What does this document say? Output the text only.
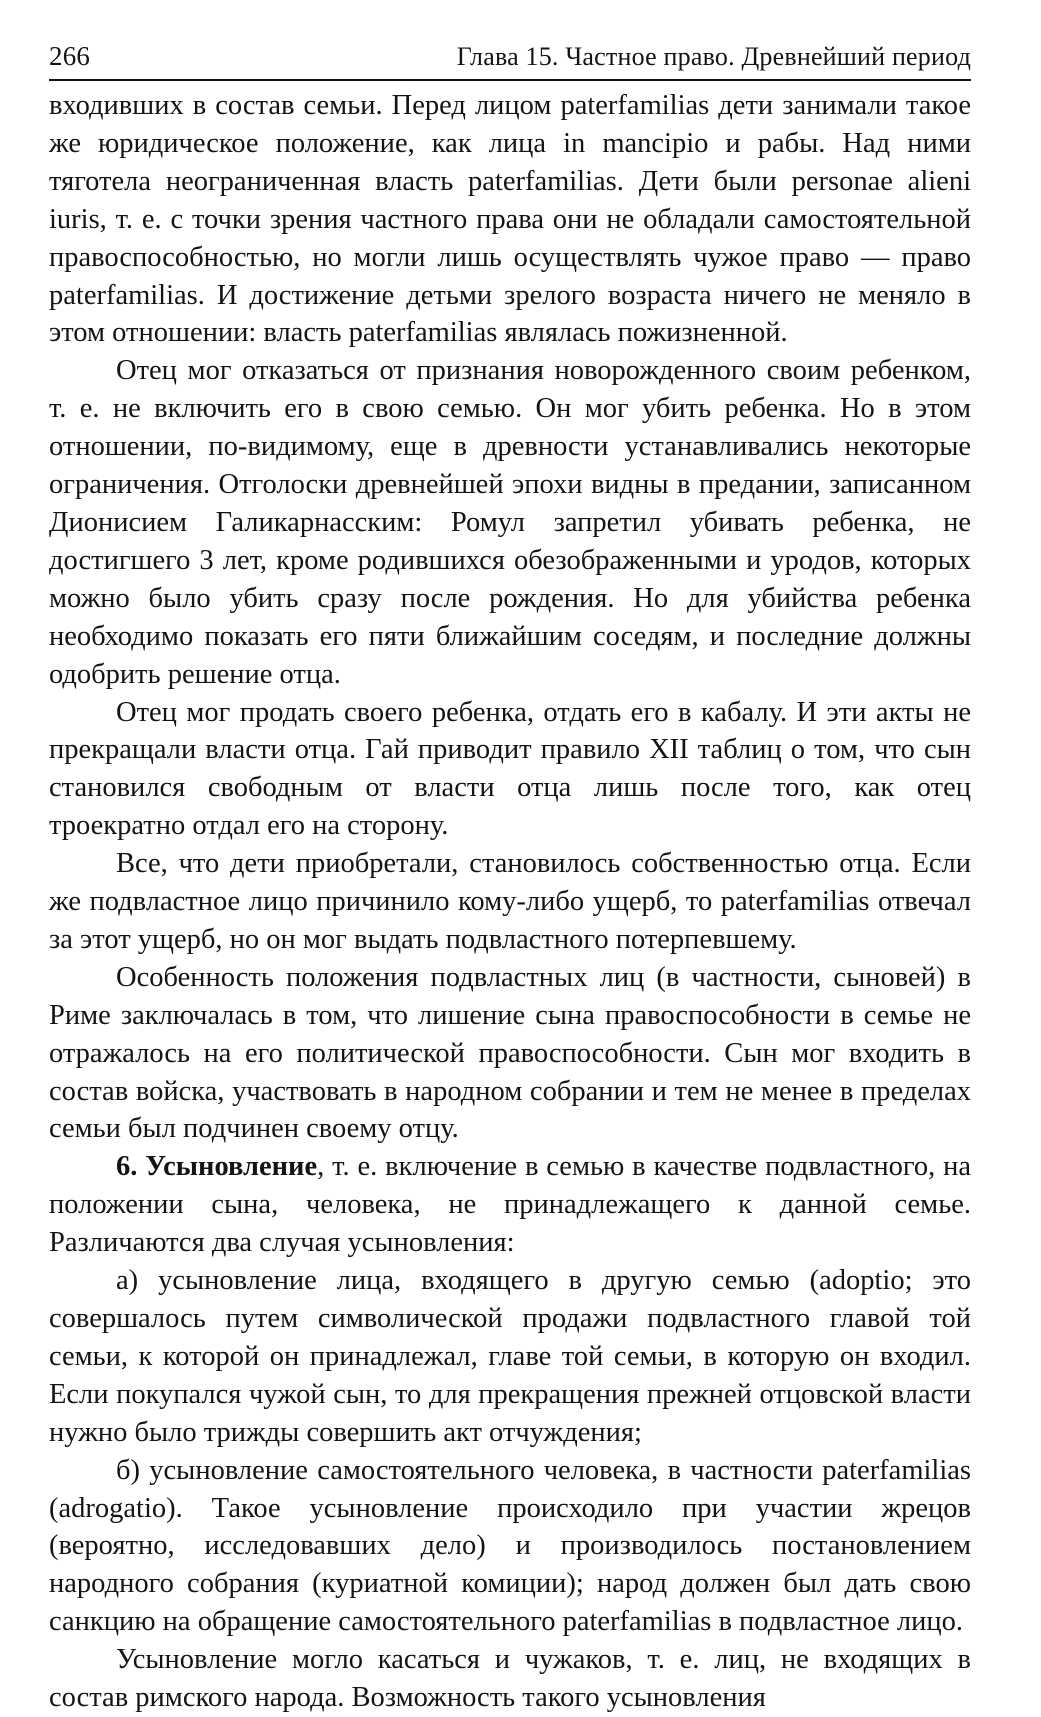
266	Глава 15. Частное право. Древнейший период

входивших в состав семьи. Перед лицом paterfamilias дети занимали такое же юридическое положение, как лица in mancipio и рабы. Над ними тяготела неограниченная власть paterfamilias. Дети были personae alieni iuris, т. е. с точки зрения частного права они не обладали самостоятельной правоспособностью, но могли лишь осуществлять чужое право — право paterfamilias. И достижение детьми зрелого возраста ничего не меняло в этом отношении: власть paterfamilias являлась пожизненной.

Отец мог отказаться от признания новорожденного своим ребенком, т. е. не включить его в свою семью. Он мог убить ребенка. Но в этом отношении, по-видимому, еще в древности устанавливались некоторые ограничения. Отголоски древнейшей эпохи видны в предании, записанном Дионисием Галикарнасским: Ромул запретил убивать ребенка, не достигшего 3 лет, кроме родившихся обезображенными и уродов, которых можно было убить сразу после рождения. Но для убийства ребенка необходимо показать его пяти ближайшим соседям, и последние должны одобрить решение отца.

Отец мог продать своего ребенка, отдать его в кабалу. И эти акты не прекращали власти отца. Гай приводит правило XII таблиц о том, что сын становился свободным от власти отца лишь после того, как отец троекратно отдал его на сторону.

Все, что дети приобретали, становилось собственностью отца. Если же подвластное лицо причинило кому-либо ущерб, то paterfamilias отвечал за этот ущерб, но он мог выдать подвластного потерпевшему.

Особенность положения подвластных лиц (в частности, сыновей) в Риме заключалась в том, что лишение сына правоспособности в семье не отражалось на его политической правоспособности. Сын мог входить в состав войска, участвовать в народном собрании и тем не менее в пределах семьи был подчинен своему отцу.

6. Усыновление, т. е. включение в семью в качестве подвластного, на положении сына, человека, не принадлежащего к данной семье. Различаются два случая усыновления:

а) усыновление лица, входящего в другую семью (adoptio; это совершалось путем символической продажи подвластного главой той семьи, к которой он принадлежал, главе той семьи, в которую он входил. Если покупался чужой сын, то для прекращения прежней отцовской власти нужно было трижды совершить акт отчуждения;

б) усыновление самостоятельного человека, в частности paterfamilias (adrogatio). Такое усыновление происходило при участии жрецов (вероятно, исследовавших дело) и производилось постановлением народного собрания (куриатной комиции); народ должен был дать свою санкцию на обращение самостоятельного paterfamilias в подвластное лицо.

Усыновление могло касаться и чужаков, т. е. лиц, не входящих в состав римского народа. Возможность такого усыновления
